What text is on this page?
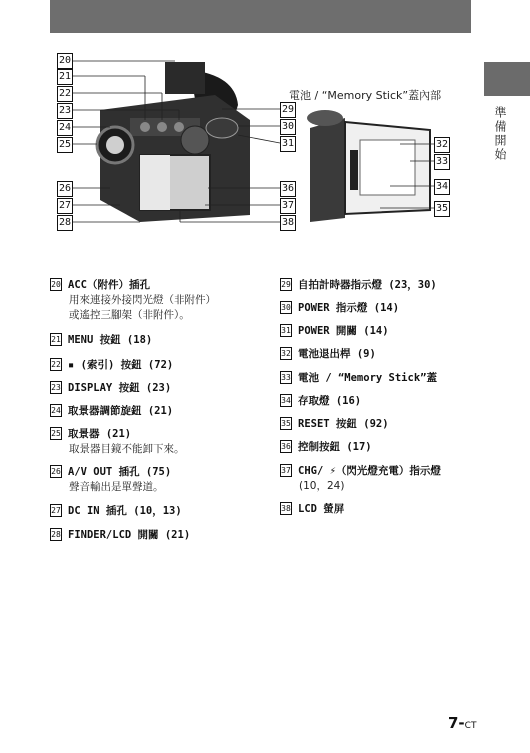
準備開始
20
21
22
23
24
25
26
27
28
29
30
31
36
37
38
32
33
34
35
電池 / “Memory Stick”蓋內部
20 ACC（附件）插孔
用來連接外接閃光燈（非附件）
或遙控三腳架（非附件）。
21 MENU 按鈕 (18)
22 ▪ (索引) 按鈕 (72)
23 DISPLAY 按鈕 (23)
24 取景器調節旋鈕 (21)
25 取景器 (21)
取景器目鏡不能卸下來。
26 A/V OUT 插孔 (75)
聲音輸出是單聲道。
27 DC IN 插孔 (10，13)
28 FINDER/LCD 開關 (21)
29 自拍計時器指示燈 (23，30)
30 POWER 指示燈 (14)
31 POWER 開關 (14)
32 電池退出桿 (9)
33 電池 / “Memory Stick”蓋
34 存取燈 (16)
35 RESET 按鈕 (92)
36 控制按鈕 (17)
37 CHG/ ⚡（閃光燈充電）指示燈
(10，24)
38 LCD 螢屏
7-CT
